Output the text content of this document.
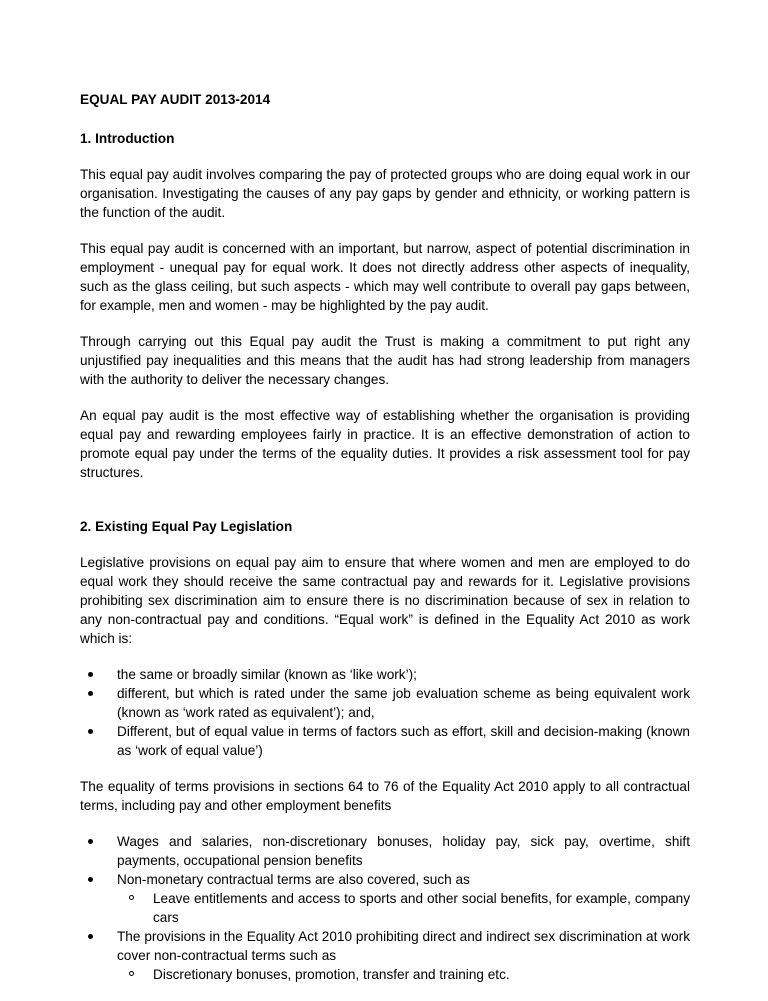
EQUAL PAY AUDIT 2013-2014
1. Introduction

This equal pay audit involves comparing the pay of protected groups who are doing equal work in our organisation. Investigating the causes of any pay gaps by gender and ethnicity, or working pattern is the function of the audit.

This equal pay audit is concerned with an important, but narrow, aspect of potential discrimination in employment - unequal pay for equal work. It does not directly address other aspects of inequality, such as the glass ceiling, but such aspects - which may well contribute to overall pay gaps between, for example, men and women - may be highlighted by the pay audit.

Through carrying out this Equal pay audit the Trust is making a commitment to put right any unjustified pay inequalities and this means that the audit has had strong leadership from managers with the authority to deliver the necessary changes.

An equal pay audit is the most effective way of establishing whether the organisation is providing equal pay and rewarding employees fairly in practice. It is an effective demonstration of action to promote equal pay under the terms of the equality duties. It provides a risk assessment tool for pay structures.

2. Existing Equal Pay Legislation

Legislative provisions on equal pay aim to ensure that where women and men are employed to do equal work they should receive the same contractual pay and rewards for it. Legislative provisions prohibiting sex discrimination aim to ensure there is no discrimination because of sex in relation to any non-contractual pay and conditions. “Equal work” is defined in the Equality Act 2010 as work which is:

the same or broadly similar (known as ‘like work’);
different, but which is rated under the same job evaluation scheme as being equivalent work (known as ‘work rated as equivalent’); and,
Different, but of equal value in terms of factors such as effort, skill and decision-making (known as ‘work of equal value’)

The equality of terms provisions in sections 64 to 76 of the Equality Act 2010 apply to all contractual terms, including pay and other employment benefits

Wages and salaries, non-discretionary bonuses, holiday pay, sick pay, overtime, shift payments, occupational pension benefits
Non-monetary contractual terms are also covered, such as
Leave entitlements and access to sports and other social benefits, for example, company cars
The provisions in the Equality Act 2010 prohibiting direct and indirect sex discrimination at work cover non-contractual terms such as
Discretionary bonuses, promotion, transfer and training etc.
